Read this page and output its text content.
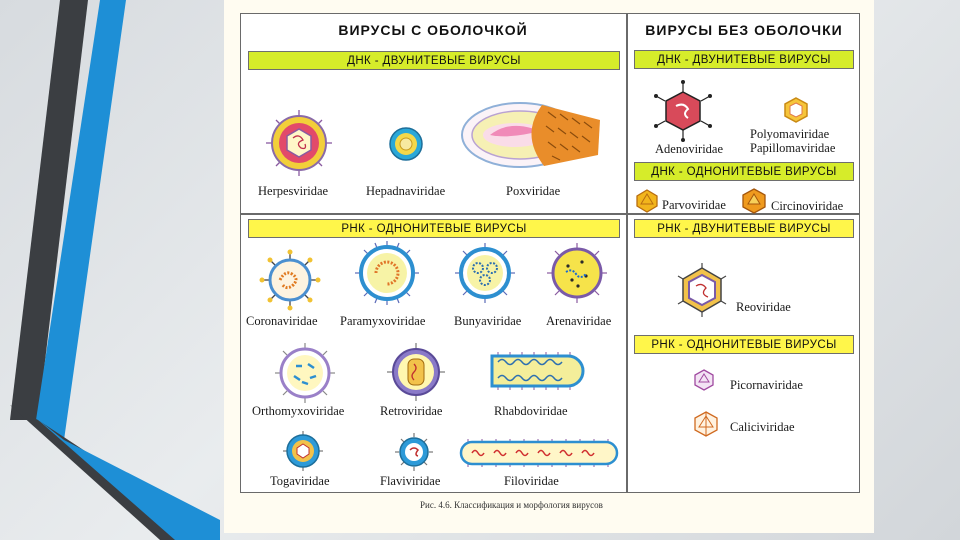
ВИРУСЫ С ОБОЛОЧКОЙ	ВИРУСЫ БЕЗ ОБОЛОЧКИ
ДНК - ДВУНИТЕВЫЕ ВИРУСЫ	ДНК - ДВУНИТЕВЫЕ ВИРУСЫ
ДНК - ОДНОНИТЕВЫЕ ВИРУСЫ
РНК - ОДНОНИТЕВЫЕ ВИРУСЫ	РНК - ДВУНИТЕВЫЕ ВИРУСЫ
РНК - ОДНОНИТЕВЫЕ ВИРУСЫ
Herpesviridae	Hepadnaviridae	Poxviridae
Adenoviridae
Polyomaviridae
Papillomaviridae
Parvoviridae	Circinoviridae
Coronaviridae Paramyxoviridae Bunyaviridae Arenaviridae
Orthomyxoviridae	Retroviridae	Rhabdoviridae
Togaviridae	Flaviviridae	Filoviridae
Reoviridae
Picornaviridae
Caliciviridae
Рис. 4.6. Классификация и морфология вирусов
